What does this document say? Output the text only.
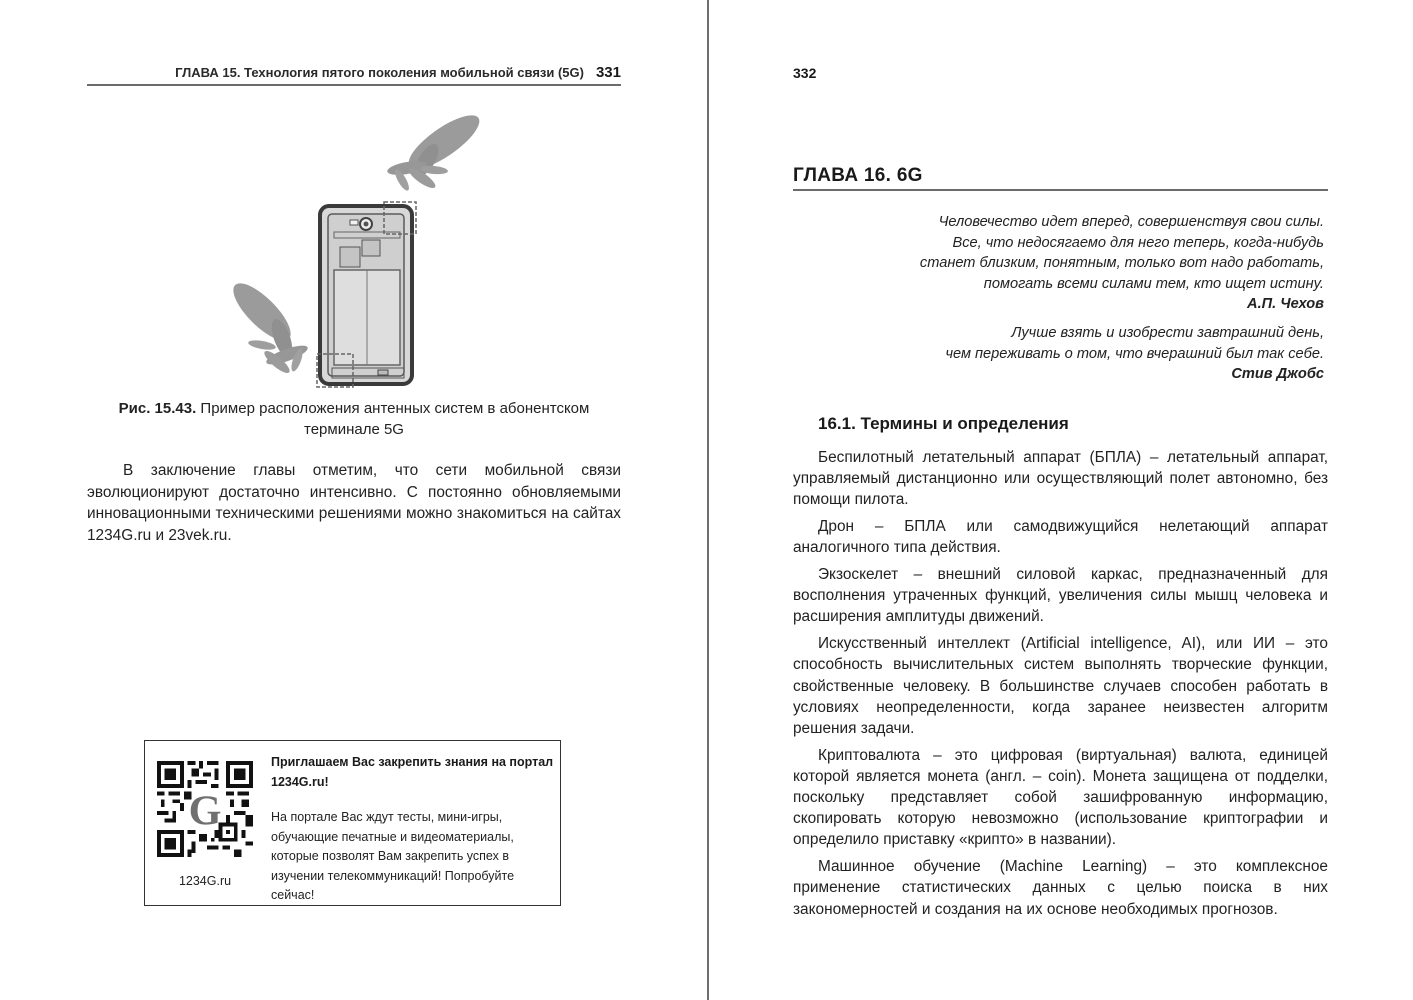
ГЛАВА 15. Технология пятого поколения мобильной связи (5G) 331
Рис. 15.43. Пример расположения антенных систем в абонентском терминале 5G
В заключение главы отметим, что сети мобильной связи эволюционируют достаточно интенсивно. С постоянно обновляемыми инновационными техническими решениями можно знакомиться на сайтах 1234G.ru и 23vek.ru.
G
1234G.ru
Приглашаем Вас закрепить знания на портал 1234G.ru!
На портале Вас ждут тесты, мини-игры, обучающие печатные и видеоматериалы, которые позволят Вам закрепить успех в изучении телекоммуникаций! Попробуйте сейчас!
332
ГЛАВА 16. 6G
Человечество идет вперед, совершенствуя свои силы.
Все, что недосягаемо для него теперь, когда-нибудь
станет близким, понятным, только вот надо работать,
помогать всеми силами тем, кто ищет истину.
А.П. Чехов
Лучше взять и изобрести завтрашний день,
чем переживать о том, что вчерашний был так себе.
Стив Джобс
16.1. Термины и определения

Беспилотный летательный аппарат (БПЛА) – летательный аппарат, управляемый дистанционно или осуществляющий полет автономно, без помощи пилота.

Дрон – БПЛА или самодвижущийся нелетающий аппарат аналогичного типа действия.

Экзоскелет – внешний силовой каркас, предназначенный для восполнения утраченных функций, увеличения силы мышц человека и расширения амплитуды движений.

Искусственный интеллект (Artificial intelligence, AI), или ИИ – это способность вычислительных систем выполнять творческие функции, свойственные человеку. В большинстве случаев способен работать в условиях неопределенности, когда заранее неизвестен алгоритм решения задачи.

Криптовалюта – это цифровая (виртуальная) валюта, единицей которой является монета (англ. – coin). Монета защищена от подделки, поскольку представляет собой зашифрованную информацию, скопировать которую невозможно (использование криптографии и определило приставку «крипто» в названии).

Машинное обучение (Machine Learning) – это комплексное применение статистических данных с целью поиска в них закономерностей и создания на их основе необходимых прогнозов.
